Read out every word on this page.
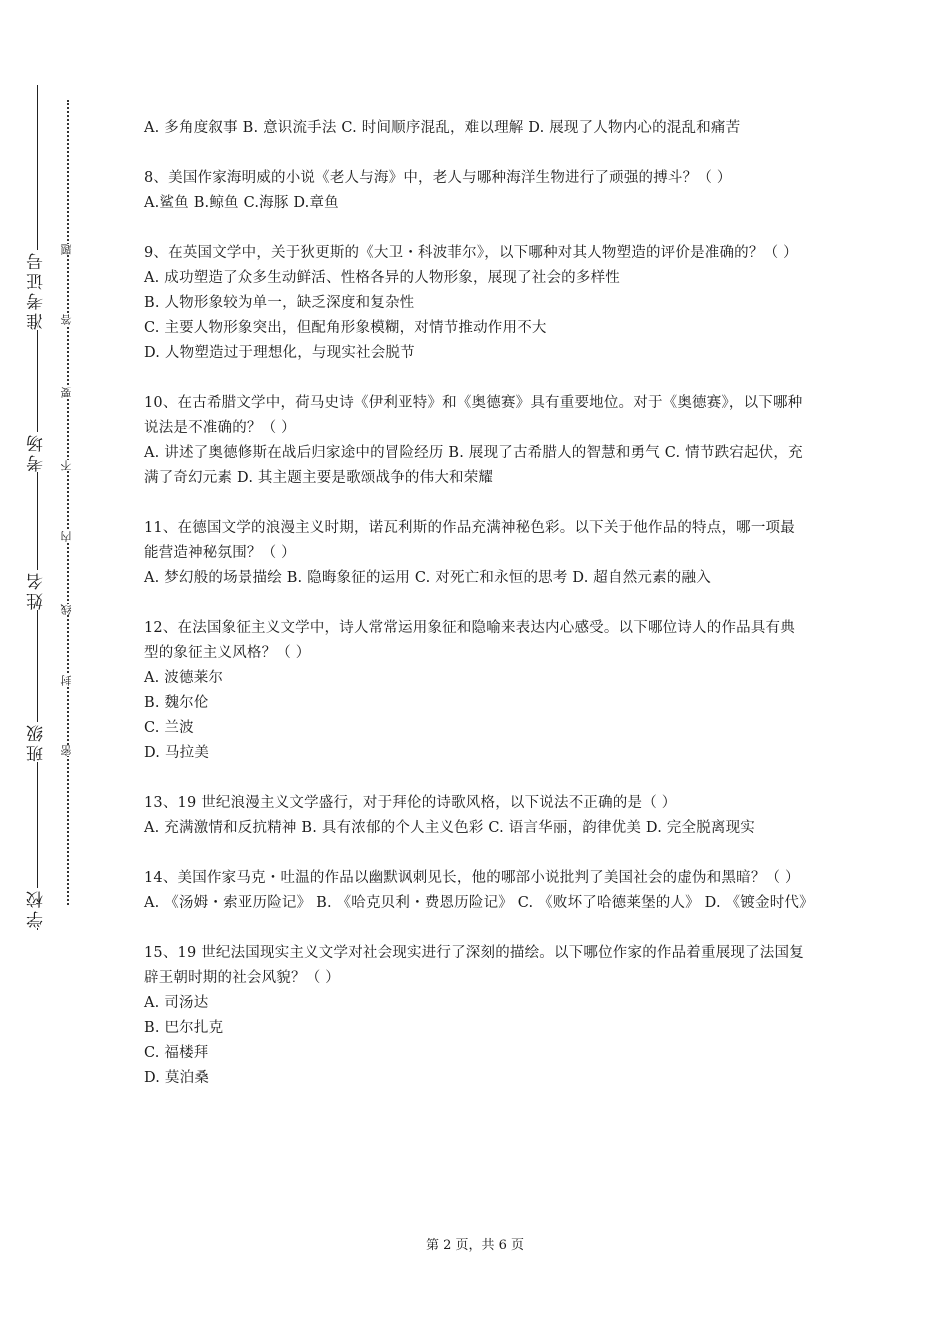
准考证号
考场
姓名
班级
学校
题
答
要
不
内
线
封
密

A. 多角度叙事 B. 意识流手法 C. 时间顺序混乱，难以理解 D. 展现了人物内心的混乱和痛苦

8、美国作家海明威的小说《老人与海》中，老人与哪种海洋生物进行了顽强的搏斗？（ ）

A.鲨鱼 B.鲸鱼 C.海豚 D.章鱼

9、在英国文学中，关于狄更斯的《大卫・科波菲尔》，以下哪种对其人物塑造的评价是准确的？（ ）

A. 成功塑造了众多生动鲜活、性格各异的人物形象，展现了社会的多样性

B. 人物形象较为单一，缺乏深度和复杂性

C. 主要人物形象突出，但配角形象模糊，对情节推动作用不大

D. 人物塑造过于理想化，与现实社会脱节

10、在古希腊文学中，荷马史诗《伊利亚特》和《奥德赛》具有重要地位。对于《奥德赛》，以下哪种说法是不准确的？（ ）

A. 讲述了奥德修斯在战后归家途中的冒险经历 B. 展现了古希腊人的智慧和勇气 C. 情节跌宕起伏，充满了奇幻元素 D. 其主题主要是歌颂战争的伟大和荣耀

11、在德国文学的浪漫主义时期，诺瓦利斯的作品充满神秘色彩。以下关于他作品的特点，哪一项最能营造神秘氛围？（ ）

A. 梦幻般的场景描绘 B. 隐晦象征的运用 C. 对死亡和永恒的思考 D. 超自然元素的融入

12、在法国象征主义文学中，诗人常常运用象征和隐喻来表达内心感受。以下哪位诗人的作品具有典型的象征主义风格？（ ）

A. 波德莱尔

B. 魏尔伦

C. 兰波

D. 马拉美

13、19 世纪浪漫主义文学盛行，对于拜伦的诗歌风格，以下说法不正确的是（ ）

A. 充满激情和反抗精神 B. 具有浓郁的个人主义色彩 C. 语言华丽，韵律优美 D. 完全脱离现实

14、美国作家马克・吐温的作品以幽默讽刺见长，他的哪部小说批判了美国社会的虚伪和黑暗？（ ）

A. 《汤姆・索亚历险记》 B. 《哈克贝利・费恩历险记》 C. 《败坏了哈德莱堡的人》 D. 《镀金时代》

15、19 世纪法国现实主义文学对社会现实进行了深刻的描绘。以下哪位作家的作品着重展现了法国复辟王朝时期的社会风貌？（ ）

A. 司汤达

B. 巴尔扎克

C. 福楼拜

D. 莫泊桑

第 2 页，共 6 页
